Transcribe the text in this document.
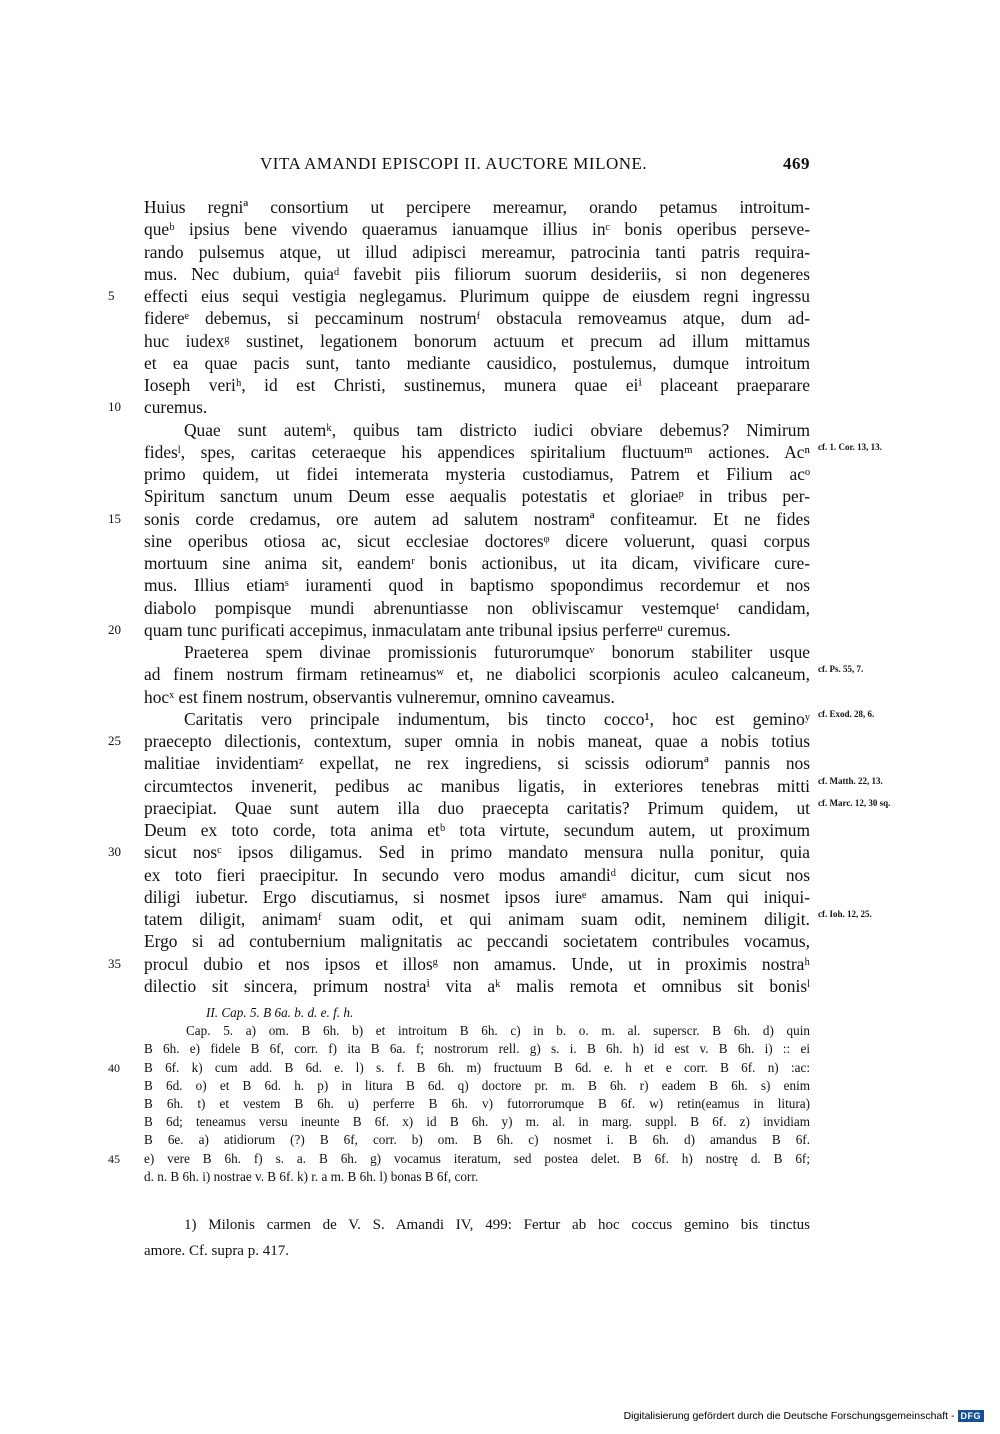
VITA AMANDI EPISCOPI II. AUCTORE MILONE.	469
Huius regniª consortium ut percipere mereamur, orando petamus introitum-
queᵇ ipsius bene vivendo quaeramus ianuamque illius inᶜ bonis operibus perseve-
rando pulsemus atque, ut illud adipisci mereamur, patrocinia tanti patris requira-
mus. Nec dubium, quiaᵈ favebit piis filiorum suorum desideriis, si non degeneres
5	effecti eius sequi vestigia neglegamus. Plurimum quippe de eiusdem regni ingressu
fidereᵉ debemus, si peccaminum nostrumᶠ obstacula removeamus atque, dum ad-
huc iudexᵍ sustinet, legationem bonorum actuum et precum ad illum mittamus
et ea quae pacis sunt, tanto mediante causidico, postulemus, dumque introitum
Ioseph veriʰ, id est Christi, sustinemus, munera quae eiⁱ placeant praeparare
10	curemus.
Quae sunt autemᵏ, quibus tam districto iudici obviare debemus? Nimirum
fidesˡ, spes, caritas ceteraeque his appendices spiritalium fluctuumᵐ actiones. Acⁿ cf. 1. Cor. 13, 13.
primo quidem, ut fidei intemerata mysteria custodiamus, Patrem et Filium acᵒ
Spiritum sanctum unum Deum esse aequalis potestatis et gloriaeᵖ in tribus per-
15	sonis corde credamus, ore autem ad salutem nostramª confiteamur. Et ne fides
sine operibus otiosa ac, sicut ecclesiae doctoresᵠ dicere voluerunt, quasi corpus
mortuum sine anima sit, eandemʳ bonis actionibus, ut ita dicam, vivificare cure-
mus. Illius etiamˢ iuramenti quod in baptismo spopondimus recordemur et nos
diabolo pompisque mundi abrenuntiasse non obliviscamur vestemqueᵗ candidam,
20	quam tunc purificati accepimus, inmaculatam ante tribunal ipsius perferreᵘ curemus.
Praeterea spem divinae promissionis futurorumqueᵛ bonorum stabiliter usque
ad finem nostrum firmam retineamusʷ et, ne diabolici scorpionis aculeo calcaneum, cf. Ps. 55, 7.
hocˣ est finem nostrum, observantis vulneremur, omnino caveamus.
Caritatis vero principale indumentum, bis tincto cocco¹, hoc est geminoʸ cf. Exod. 28, 6.
25	praecepto dilectionis, contextum, super omnia in nobis maneat, quae a nobis totius
malitiae invidentiamᶻ expellat, ne rex ingrediens, si scissis odiorumª pannis nos
circumtectos invenerit, pedibus ac manibus ligatis, in exteriores tenebras mitti cf. Matth. 22, 13.
praecipiat. Quae sunt autem illa duo praecepta caritatis? Primum quidem, ut cf. Marc. 12, 30 sq.
Deum ex toto corde, tota anima etᵇ tota virtute, secundum autem, ut proximum
30	sicut nosᶜ ipsos diligamus. Sed in primo mandato mensura nulla ponitur, quia
ex toto fieri praecipitur. In secundo vero modus amandiᵈ dicitur, cum sicut nos
diligi iubetur. Ergo discutiamus, si nosmet ipsos iureᵉ amamus. Nam qui iniqui-
tatem diligit, animamᶠ suam odit, et qui animam suam odit, neminem diligit. cf. Ioh. 12, 25.
Ergo si ad contubernium malignitatis ac peccandi societatem contribules vocamus,
35	procul dubio et nos ipsos et illosᵍ non amamus. Unde, ut in proximis nostraʰ
dilectio sit sincera, primum nostraⁱ vita aᵏ malis remota et omnibus sit bonisˡ
II. Cap. 5. B 6a. b. d. e. f. h.
Cap. 5. a) om. B 6h. b) et introitum B 6h. c) in b. o. m. al. superscr. B 6h. d) quin
B 6h. e) fidele B 6f, corr. f) ita B 6a. f; nostrorum rell. g) s. i. B 6h. h) id est v. B 6h. i) :: ei
40	B 6f. k) cum add. B 6d. e. l) s. f. B 6h. m) fructuum B 6d. e. h et e corr. B 6f. n) :ac:
B 6d. o) et B 6d. h. p) in litura B 6d. q) doctore pr. m. B 6h. r) eadem B 6h. s) enim
B 6h. t) et vestem B 6h. u) perferre B 6h. v) futorrorumque B 6f. w) retin(eamus in litura)
B 6d; teneamus versu ineunte B 6f. x) id B 6h. y) m. al. in marg. suppl. B 6f. z) invidiam
B 6e. a) atidiorum (?) B 6f, corr. b) om. B 6h. c) nosmet i. B 6h. d) amandus B 6f.
45	e) vere B 6h. f) s. a. B 6h. g) vocamus iteratum, sed postea delet. B 6f. h) nostrę d. B 6f;
d. n. B 6h. i) nostrae v. B 6f. k) r. a m. B 6h. l) bonas B 6f, corr.
1) Milonis carmen de V. S. Amandi IV, 499: Fertur ab hoc coccus gemino bis tinctus
amore. Cf. supra p. 417.
Digitalisierung gefördert durch die Deutsche Forschungsgemeinschaft - DFG
